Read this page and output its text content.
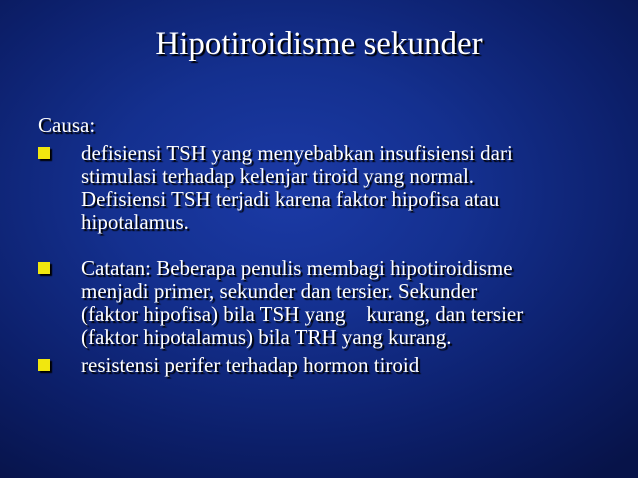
Hipotiroidisme sekunder
Causa:
defisiensi TSH yang menyebabkan insufisiensi dari
stimulasi terhadap kelenjar tiroid yang normal.
Defisiensi TSH terjadi karena faktor hipofisa atau
hipotalamus.
Catatan: Beberapa penulis membagi hipotiroidisme
menjadi primer, sekunder dan tersier. Sekunder
(faktor hipofisa) bila TSH yang    kurang, dan tersier
(faktor hipotalamus) bila TRH yang kurang.
resistensi perifer terhadap hormon tiroid
